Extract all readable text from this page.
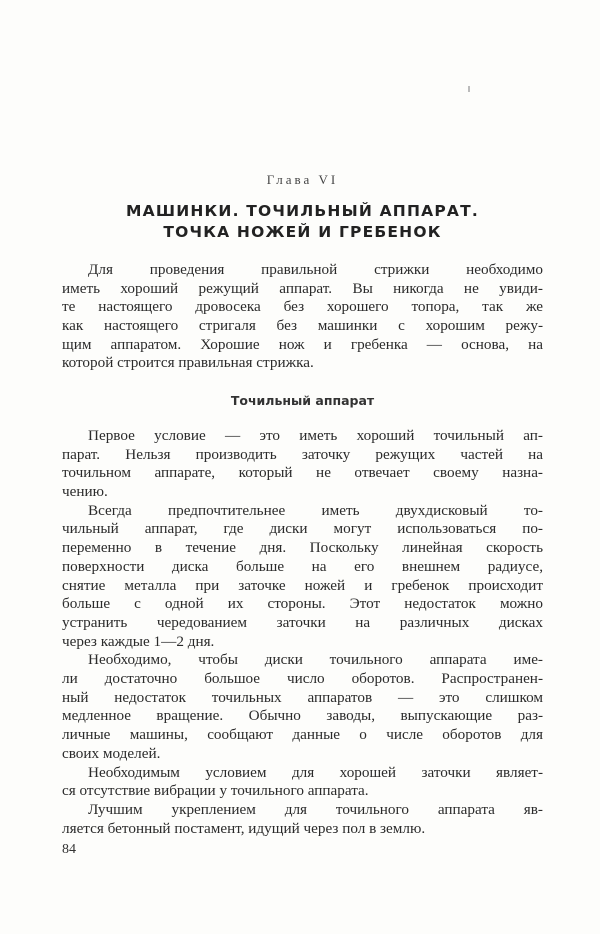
Глава VI
МАШИНКИ. ТОЧИЛЬНЫЙ АППАРАТ.
ТОЧКА НОЖЕЙ И ГРЕБЕНОК
Для проведения правильной стрижки необходимо
иметь хороший режущий аппарат. Вы никогда не увиди-
те настоящего дровосека без хорошего топора, так же
как настоящего стригаля без машинки с хорошим режу-
щим аппаратом. Хорошие нож и гребенка — основа, на
которой строится правильная стрижка.
Точильный аппарат
Первое условие — это иметь хороший точильный ап-
парат. Нельзя производить заточку режущих частей на
точильном аппарате, который не отвечает своему назна-
чению.
Всегда предпочтительнее иметь двухдисковый то-
чильный аппарат, где диски могут использоваться по-
переменно в течение дня. Поскольку линейная скорость
поверхности диска больше на его внешнем радиусе,
снятие металла при заточке ножей и гребенок происходит
больше с одной их стороны. Этот недостаток можно
устранить чередованием заточки на различных дисках
через каждые 1—2 дня.
Необходимо, чтобы диски точильного аппарата име-
ли достаточно большое число оборотов. Распространен-
ный недостаток точильных аппаратов — это слишком
медленное вращение. Обычно заводы, выпускающие раз-
личные машины, сообщают данные о числе оборотов для
своих моделей.
Необходимым условием для хорошей заточки являет-
ся отсутствие вибрации у точильного аппарата.
Лучшим укреплением для точильного аппарата яв-
ляется бетонный постамент, идущий через пол в землю.
84
